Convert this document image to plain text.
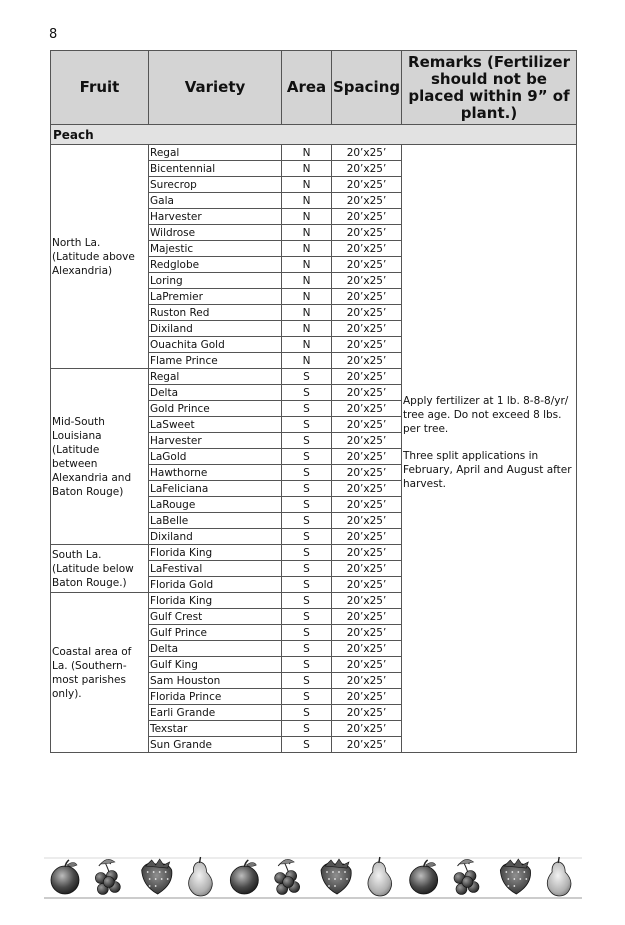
8
Fruit	Variety	Area	Spacing	Remarks (Fertilizer should not be placed within 9” of plant.)
Peach				
North La. (Latitude above Alexandria)	Regal	N	20’x25’	Apply fertilizer at 1 lb. 8-8-8/yr/ tree age. Do not exceed 8 lbs. per tree.

Three split applications in February, April and August after harvest.

	Bicentennial	N	20’x25’	
	Surecrop	N	20’x25’	
	Gala	N	20’x25’	
	Harvester	N	20’x25’	
	Wildrose	N	20’x25’	
	Majestic	N	20’x25’	
	Redglobe	N	20’x25’	
	Loring	N	20’x25’	
	LaPremier	N	20’x25’	
	Ruston Red	N	20’x25’	
	Dixiland	N	20’x25’	
	Ouachita Gold	N	20’x25’	
	Flame Prince	N	20’x25’	
Mid-South Louisiana (Latitude between Alexandria and Baton Rouge)	Regal	S	20’x25’	
	Delta	S	20’x25’	
	Gold Prince	S	20’x25’	
	LaSweet	S	20’x25’	
	Harvester	S	20’x25’	
	LaGold	S	20’x25’	
	Hawthorne	S	20’x25’	
	LaFeliciana	S	20’x25’	
	LaRouge	S	20’x25’	
	LaBelle	S	20’x25’	
	Dixiland	S	20’x25’	
South La. (Latitude below Baton Rouge.)	Florida King	S	20’x25’	
	LaFestival	S	20’x25’	
	Florida Gold	S	20’x25’	
Coastal area of La. (Southern-most parishes only).	Florida King	S	20’x25’	
	Gulf Crest	S	20’x25’	
	Gulf Prince	S	20’x25’	
	Delta	S	20’x25’	
	Gulf King	S	20’x25’	
	Sam Houston	S	20’x25’	
	Florida Prince	S	20’x25’	
	Earli Grande	S	20’x25’	
	Texstar	S	20’x25’	
	Sun Grande	S	20’x25’	
